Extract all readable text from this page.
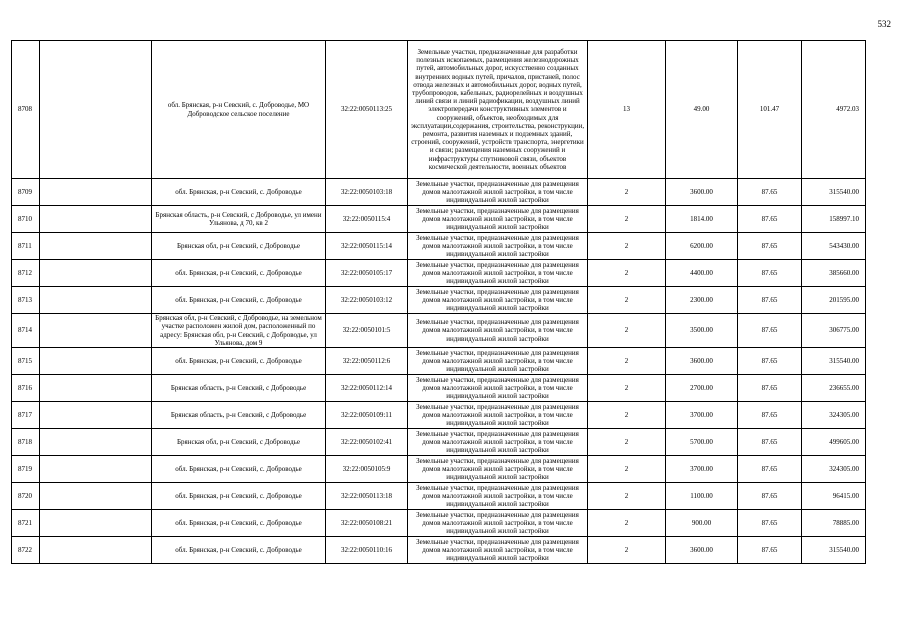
532
8708		обл. Брянская, р-н Севский, с. Доброводье, МО Доброводское сельское поселение	32:22:0050113:25	Земельные участки, предназначенные для разработки полезных ископаемых, размещения железнодорожных путей, автомобильных дорог, искусственно созданных внутренних водных путей, причалов, пристаней, полос отвода железных и автомобильных дорог, водных путей, трубопроводов, кабельных, радиорелейных и воздушных линий связи и линий радиофикации, воздушных линий электропередачи конструктивных элементов и сооружений, объектов, необходимых для эксплуатации,содержания, строительства, реконструкции, ремонта, развития наземных и подземных зданий, строений, сооружений, устройств транспорта, энергетики и связи; размещения наземных сооружений и инфраструктуры спутниковой связи, объектов космической деятельности, военных объектов	13	49.00	101.47	4972.03
8709		обл. Брянская, р-н Севский, с. Доброводье	32:22:0050103:18	Земельные участки, предназначенные для размещения домов малоэтажной жилой застройки, в том числе индивидуальной жилой застройки	2	3600.00	87.65	315540.00
8710		Брянская область, р-н Севский, с Доброводье, ул имени Ульянова, д 70, кв 2	32:22:0050115:4	Земельные участки, предназначенные для размещения домов малоэтажной жилой застройки, в том числе индивидуальной жилой застройки	2	1814.00	87.65	158997.10
8711		Брянская обл, р-н Севский, с Доброводье	32:22:0050115:14	Земельные участки, предназначенные для размещения домов малоэтажной жилой застройки, в том числе индивидуальной жилой застройки	2	6200.00	87.65	543430.00
8712		обл. Брянская, р-н Севский, с. Доброводье	32:22:0050105:17	Земельные участки, предназначенные для размещения домов малоэтажной жилой застройки, в том числе индивидуальной жилой застройки	2	4400.00	87.65	385660.00
8713		обл. Брянская, р-н Севский, с. Доброводье	32:22:0050103:12	Земельные участки, предназначенные для размещения домов малоэтажной жилой застройки, в том числе индивидуальной жилой застройки	2	2300.00	87.65	201595.00
8714		Брянская обл, р-н Севский, с Доброводье, на земельном участке расположен жилой дом, расположенный по адресу: Брянская обл, р-н Севский, с Доброводье, ул Ульянова, дом 9	32:22:0050101:5	Земельные участки, предназначенные для размещения домов малоэтажной жилой застройки, в том числе индивидуальной жилой застройки	2	3500.00	87.65	306775.00
8715		обл. Брянская, р-н Севский, с. Доброводье	32:22:0050112:6	Земельные участки, предназначенные для размещения домов малоэтажной жилой застройки, в том числе индивидуальной жилой застройки	2	3600.00	87.65	315540.00
8716		Брянская область, р-н Севский, с Доброводье	32:22:0050112:14	Земельные участки, предназначенные для размещения домов малоэтажной жилой застройки, в том числе индивидуальной жилой застройки	2	2700.00	87.65	236655.00
8717		Брянская область, р-н Севский, с Доброводье	32:22:0050109:11	Земельные участки, предназначенные для размещения домов малоэтажной жилой застройки, в том числе индивидуальной жилой застройки	2	3700.00	87.65	324305.00
8718		Брянская обл, р-н Севский, с Доброводье	32:22:0050102:41	Земельные участки, предназначенные для размещения домов малоэтажной жилой застройки, в том числе индивидуальной жилой застройки	2	5700.00	87.65	499605.00
8719		обл. Брянская, р-н Севский, с. Доброводье	32:22:0050105:9	Земельные участки, предназначенные для размещения домов малоэтажной жилой застройки, в том числе индивидуальной жилой застройки	2	3700.00	87.65	324305.00
8720		обл. Брянская, р-н Севский, с. Доброводье	32:22:0050113:18	Земельные участки, предназначенные для размещения домов малоэтажной жилой застройки, в том числе индивидуальной жилой застройки	2	1100.00	87.65	96415.00
8721		обл. Брянская, р-н Севский, с. Доброводье	32:22:0050108:21	Земельные участки, предназначенные для размещения домов малоэтажной жилой застройки, в том числе индивидуальной жилой застройки	2	900.00	87.65	78885.00
8722		обл. Брянская, р-н Севский, с. Доброводье	32:22:0050110:16	Земельные участки, предназначенные для размещения домов малоэтажной жилой застройки, в том числе индивидуальной жилой застройки	2	3600.00	87.65	315540.00
